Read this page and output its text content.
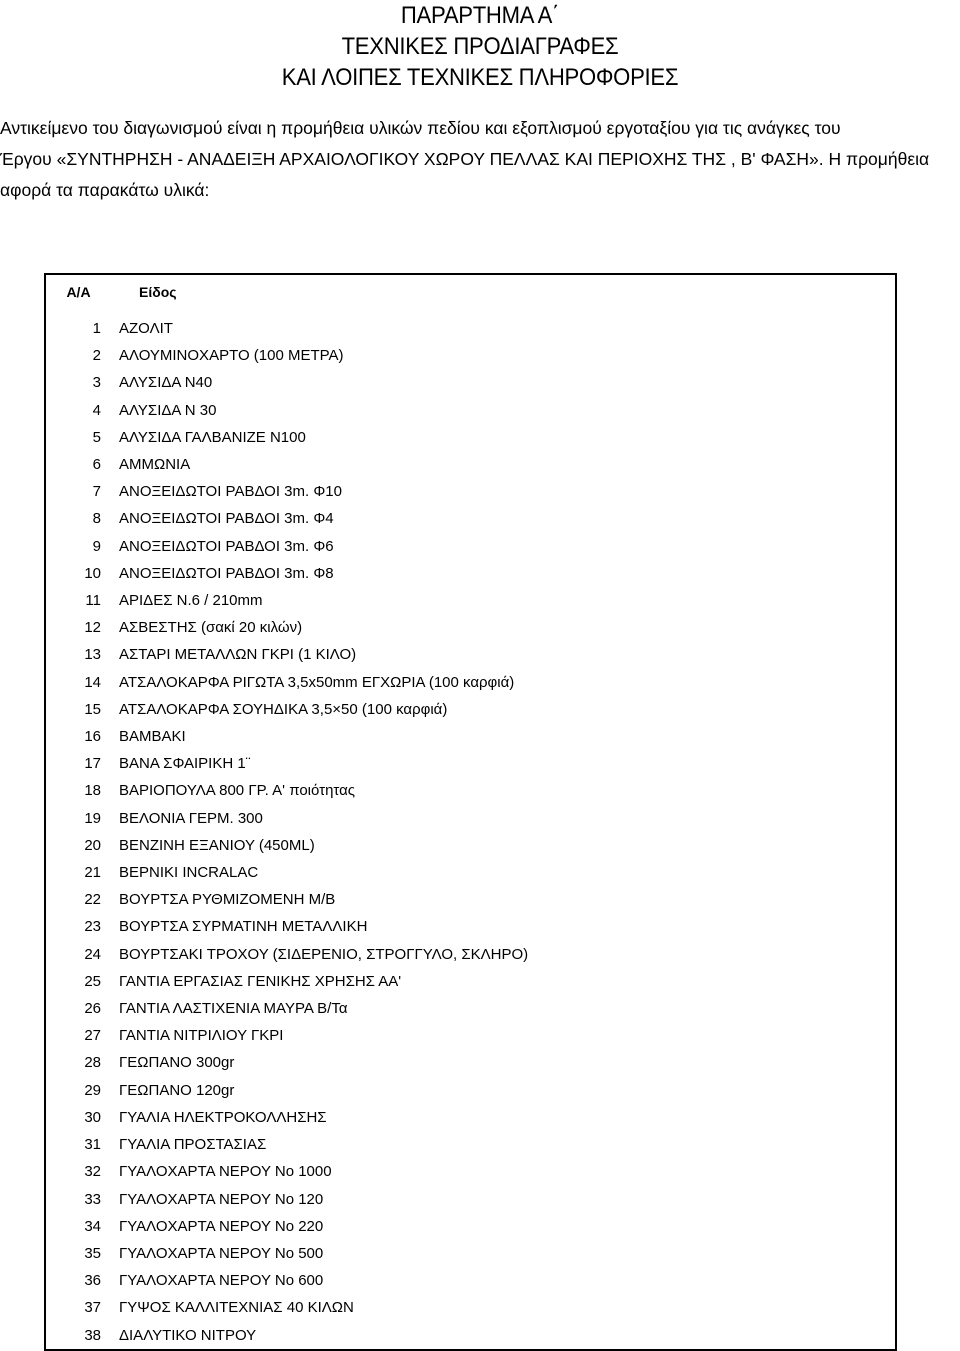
ΠΑΡΑΡΤΗΜΑ Α΄
ΤΕΧΝΙΚΕΣ ΠΡΟΔΙΑΓΡΑΦΕΣ
ΚΑΙ ΛΟΙΠΕΣ ΤΕΧΝΙΚΕΣ ΠΛΗΡΟΦΟΡΙΕΣ
Αντικείμενο του διαγωνισμού είναι η προμήθεια υλικών πεδίου και εξοπλισμού εργοταξίου για τις ανάγκες του
Έργου «ΣΥΝΤΗΡΗΣΗ - ΑΝΑΔΕΙΞΗ ΑΡΧΑΙΟΛΟΓΙΚΟΥ ΧΩΡΟΥ ΠΕΛΛΑΣ ΚΑΙ ΠΕΡΙΟΧΗΣ ΤΗΣ , Β' ΦΑΣΗ». Η προμήθεια
αφορά τα παρακάτω υλικά:
Α/Α	Είδος

1	ΑΖΟΛΙΤ
2	ΑΛΟΥΜΙΝΟΧΑΡΤΟ (100 ΜΕΤΡΑ)
3	ΑΛΥΣΙΔΑ Ν40
4	ΑΛΥΣΙΔΑ Ν 30
5	ΑΛΥΣΙΔΑ ΓΑΛΒΑΝΙΖΕ Ν100
6	ΑΜΜΩΝΙΑ
7	ΑΝΟΞΕΙΔΩΤΟΙ ΡΑΒΔΟΙ 3m. Φ10
8	ΑΝΟΞΕΙΔΩΤΟΙ ΡΑΒΔΟΙ 3m. Φ4
9	ΑΝΟΞΕΙΔΩΤΟΙ ΡΑΒΔΟΙ 3m. Φ6
10	ΑΝΟΞΕΙΔΩΤΟΙ ΡΑΒΔΟΙ 3m. Φ8
11	ΑΡΙΔΕΣ Ν.6 / 210mm
12	ΑΣΒΕΣΤΗΣ (σακί 20 κιλών)
13	ΑΣΤΑΡΙ ΜΕΤΑΛΛΩΝ ΓΚΡΙ (1 ΚΙΛΟ)
14	ΑΤΣΑΛΟΚΑΡΦΑ ΡΙΓΩΤΑ 3,5x50mm ΕΓΧΩΡΙΑ (100 καρφιά)
15	ΑΤΣΑΛΟΚΑΡΦΑ ΣΟΥΗΔΙΚΑ 3,5×50 (100 καρφιά)
16	ΒΑΜΒΑΚΙ
17	ΒΑΝΑ ΣΦΑΙΡΙΚΗ 1¨
18	ΒΑΡΙΟΠΟΥΛΑ 800 ΓΡ. Α' ποιότητας
19	ΒΕΛΟΝΙΑ ΓΕΡΜ. 300
20	ΒΕΝΖΙΝΗ ΕΞΑΝΙΟΥ (450ML)
21	ΒΕΡΝΙΚΙ INCRALAC
22	ΒΟΥΡΤΣΑ ΡΥΘΜΙΖΟΜΕΝΗ Μ/Β
23	ΒΟΥΡΤΣΑ ΣΥΡΜΑΤΙΝΗ ΜΕΤΑΛΛΙΚΗ
24	ΒΟΥΡΤΣΑΚΙ ΤΡΟΧΟΥ (ΣΙΔΕΡΕΝΙΟ, ΣΤΡΟΓΓΥΛΟ, ΣΚΛΗΡΟ)
25	ΓΑΝΤΙΑ ΕΡΓΑΣΙΑΣ ΓΕΝΙΚΗΣ ΧΡΗΣΗΣ ΑΑ'
26	ΓΑΝΤΙΑ ΛΑΣΤΙΧΕΝΙΑ ΜΑΥΡΑ Β/Τα
27	ΓΑΝΤΙΑ ΝΙΤΡΙΛΙΟΥ ΓΚΡΙ
28	ΓΕΩΠΑΝΟ 300gr
29	ΓΕΩΠΑΝΟ 120gr
30	ΓΥΑΛΙΑ ΗΛΕΚΤΡΟΚΟΛΛΗΣΗΣ
31	ΓΥΑΛΙΑ ΠΡΟΣΤΑΣΙΑΣ
32	ΓΥΑΛΟΧΑΡΤΑ ΝΕΡΟΥ Νο 1000
33	ΓΥΑΛΟΧΑΡΤΑ ΝΕΡΟΥ Νο 120
34	ΓΥΑΛΟΧΑΡΤΑ ΝΕΡΟΥ Νο 220
35	ΓΥΑΛΟΧΑΡΤΑ ΝΕΡΟΥ Νο 500
36	ΓΥΑΛΟΧΑΡΤΑ ΝΕΡΟΥ Νο 600
37	ΓΥΨΟΣ ΚΑΛΛΙΤΕΧΝΙΑΣ 40 ΚΙΛΩΝ
38	ΔΙΑΛΥΤΙΚΟ ΝΙΤΡΟΥ
